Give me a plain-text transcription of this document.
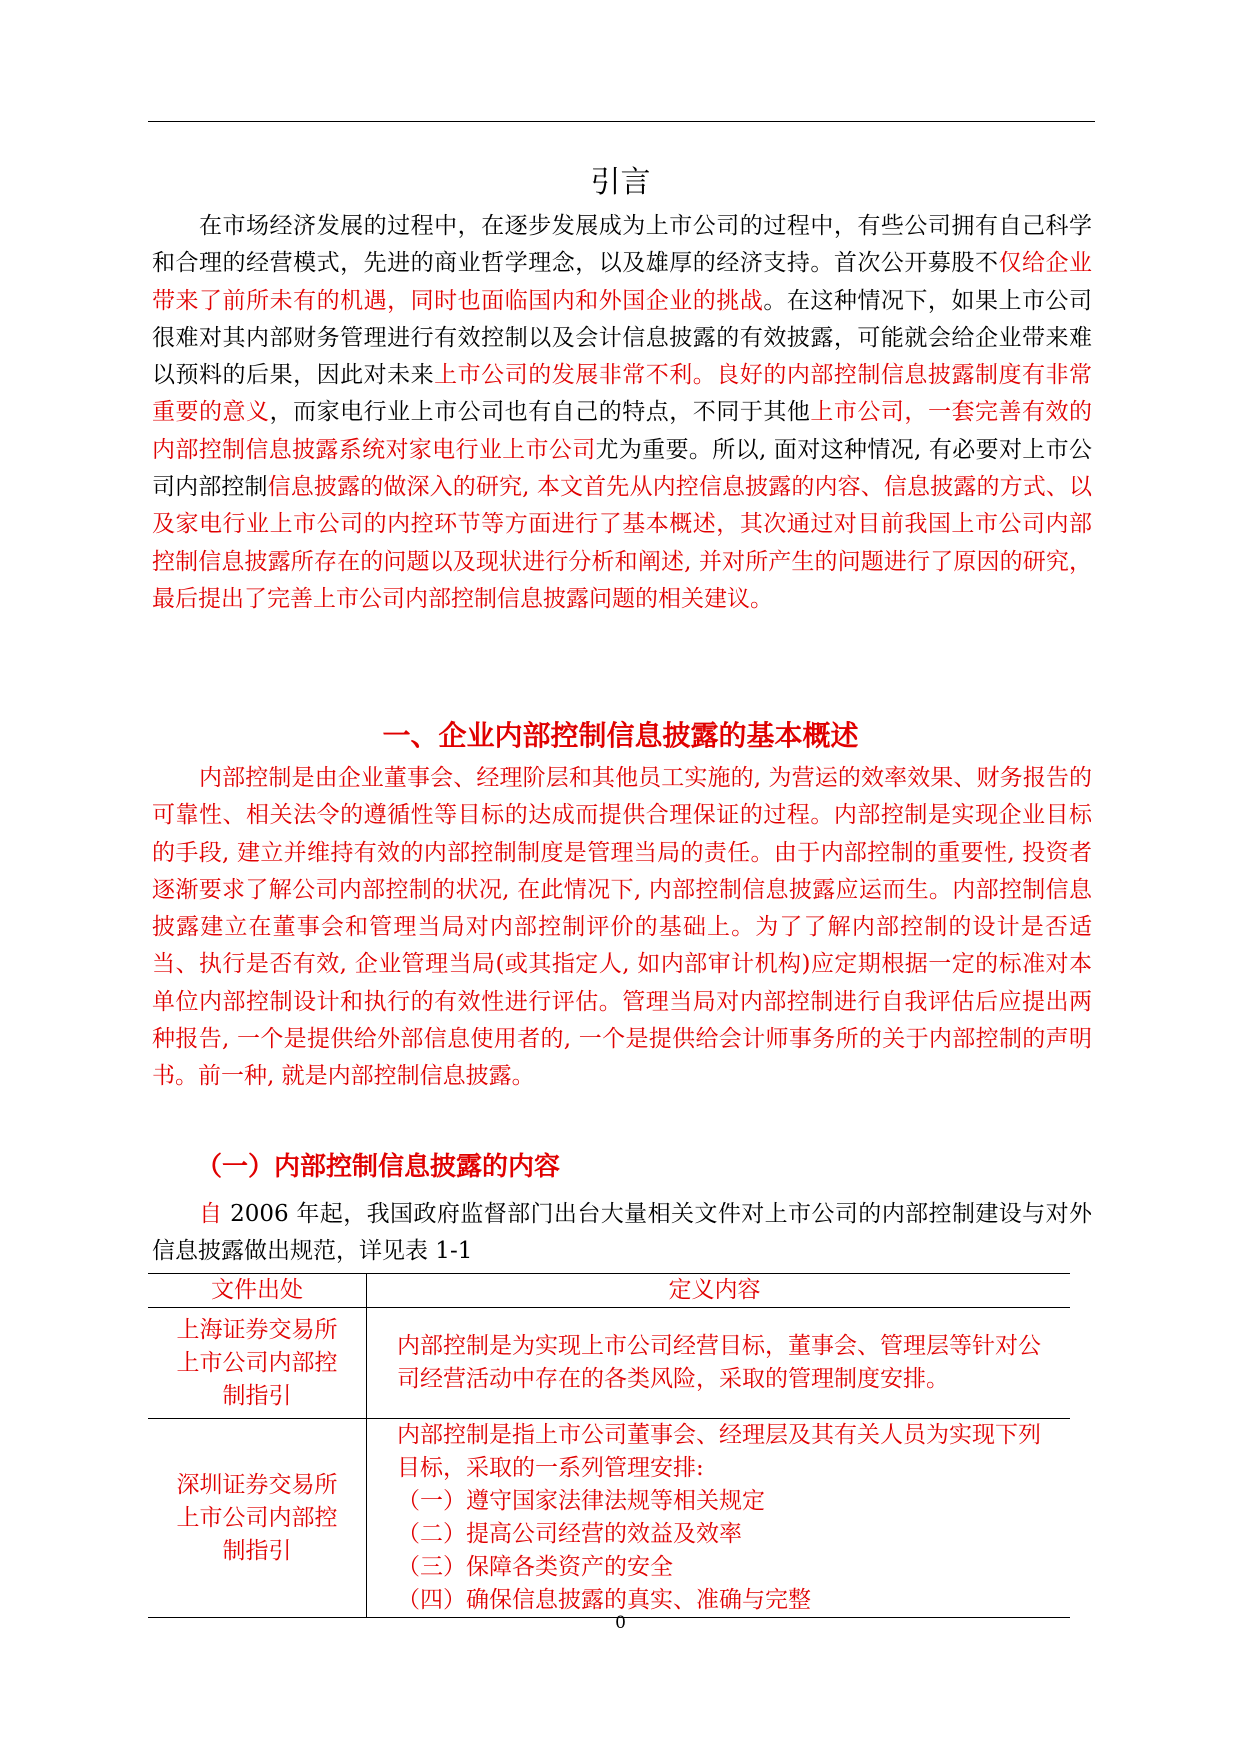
引言

在市场经济发展的过程中，在逐步发展成为上市公司的过程中，有些公司拥有自己科学和合理的经营模式，先进的商业哲学理念，以及雄厚的经济支持。首次公开募股不仅给企业带来了前所未有的机遇，同时也面临国内和外国企业的挑战。在这种情况下，如果上市公司很难对其内部财务管理进行有效控制以及会计信息披露的有效披露，可能就会给企业带来难以预料的后果，因此对未来上市公司的发展非常不利。良好的内部控制信息披露制度有非常重要的意义，而家电行业上市公司也有自己的特点，不同于其他上市公司，一套完善有效的内部控制信息披露系统对家电行业上市公司尤为重要。所以, 面对这种情况, 有必要对上市公司内部控制信息披露的做深入的研究, 本文首先从内控信息披露的内容、信息披露的方式、以及家电行业上市公司的内控环节等方面进行了基本概述，其次通过对目前我国上市公司内部控制信息披露所存在的问题以及现状进行分析和阐述, 并对所产生的问题进行了原因的研究，最后提出了完善上市公司内部控制信息披露问题的相关建议。

一、企业内部控制信息披露的基本概述

内部控制是由企业董事会、经理阶层和其他员工实施的, 为营运的效率效果、财务报告的可靠性、相关法令的遵循性等目标的达成而提供合理保证的过程。内部控制是实现企业目标的手段, 建立并维持有效的内部控制制度是管理当局的责任。由于内部控制的重要性, 投资者逐渐要求了解公司内部控制的状况, 在此情况下, 内部控制信息披露应运而生。内部控制信息披露建立在董事会和管理当局对内部控制评价的基础上。为了了解内部控制的设计是否适当、执行是否有效, 企业管理当局(或其指定人, 如内部审计机构)应定期根据一定的标准对本单位内部控制设计和执行的有效性进行评估。管理当局对内部控制进行自我评估后应提出两种报告, 一个是提供给外部信息使用者的, 一个是提供给会计师事务所的关于内部控制的声明书。前一种, 就是内部控制信息披露。

（一）内部控制信息披露的内容

自 2006 年起，我国政府监督部门出台大量相关文件对上市公司的内部控制建设与对外信息披露做出规范，详见表 1-1

文件出处	定义内容

上海证券交易所
上市公司内部控
制指引	内部控制是为实现上市公司经营目标，董事会、管理层等针对公司经营活动中存在的各类风险，采取的管理制度安排。

深圳证券交易所
上市公司内部控
制指引	内部控制是指上市公司董事会、经理层及其有关人员为实现下列目标，采取的一系列管理安排:
（一）遵守国家法律法规等相关规定
（二）提高公司经营的效益及效率
（三）保障各类资产的安全
（四）确保信息披露的真实、准确与完整
0
